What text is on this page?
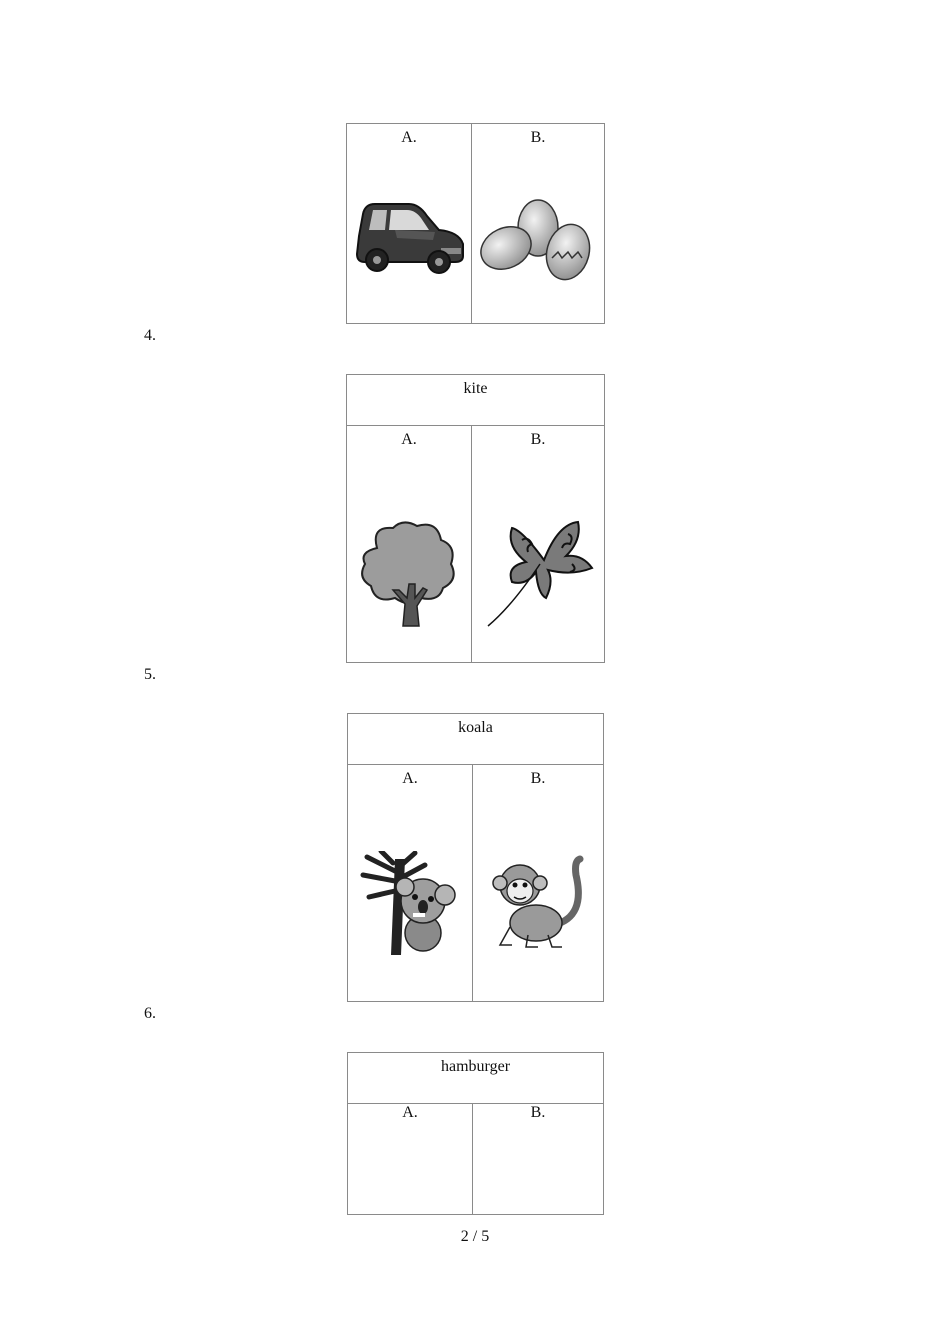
A.	B.
4.
kite

A.	B.
5.
koala

A.	B.
6.
hamburger

A.	B.
2 / 5
